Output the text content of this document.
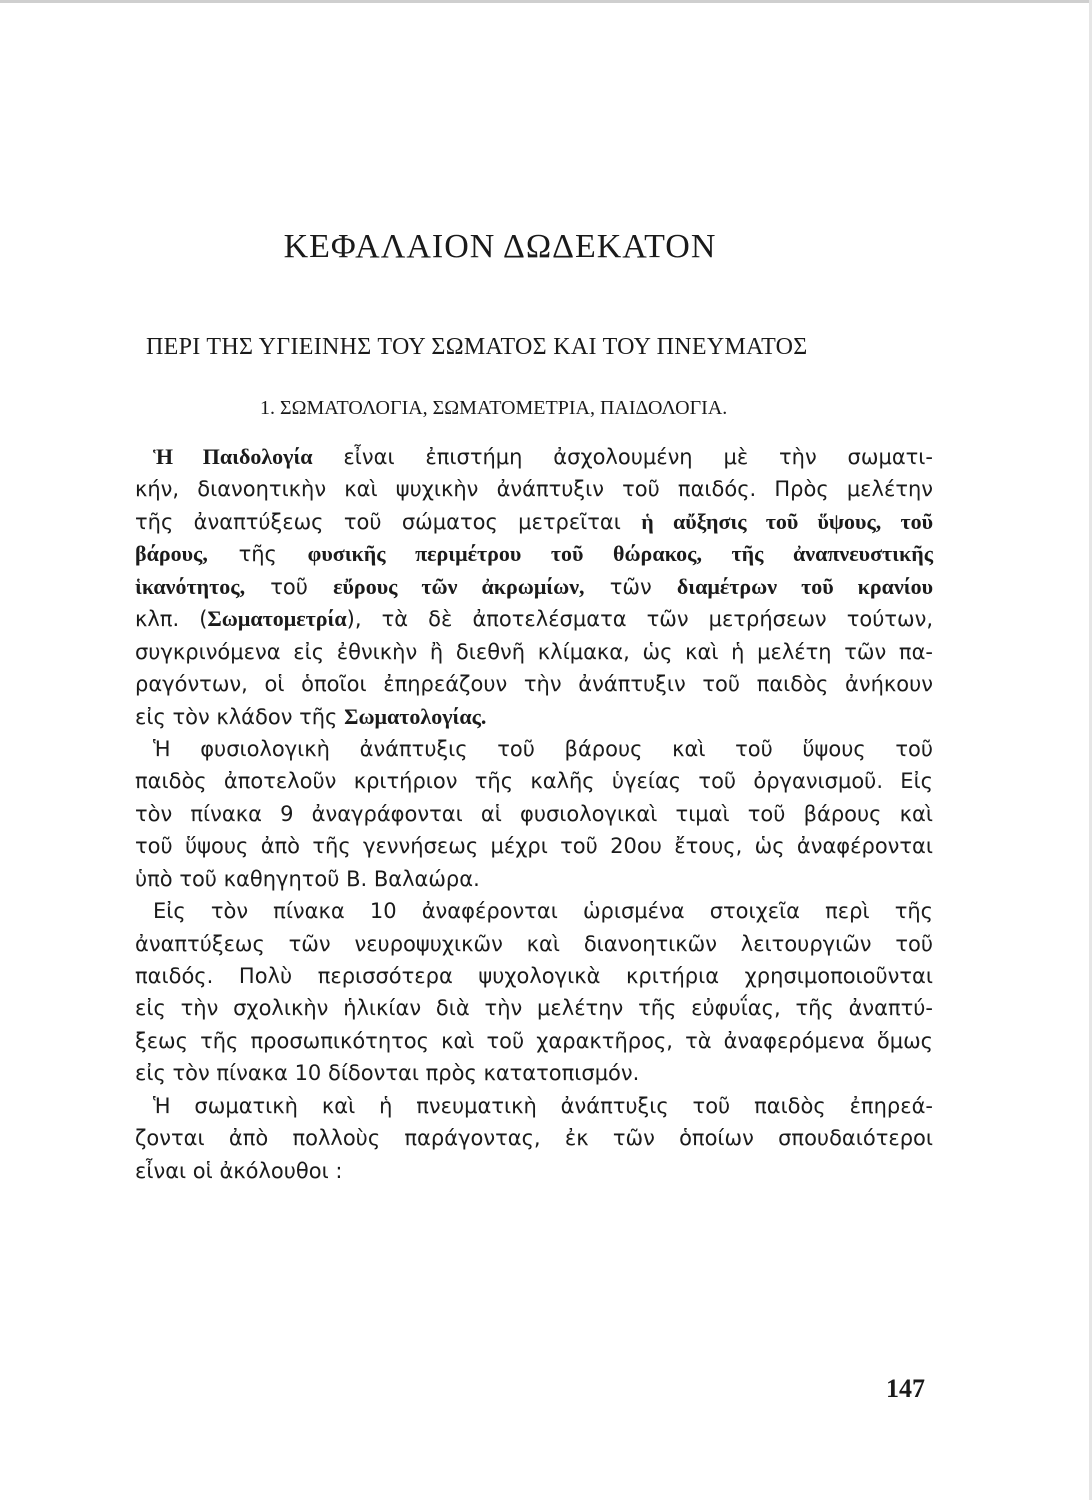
ΚΕΦΑΛΑΙΟΝ ΔΩΔΕΚΑΤΟΝ
ΠΕΡΙ ΤΗΣ ΥΓΙΕΙΝΗΣ ΤΟΥ ΣΩΜΑΤΟΣ ΚΑΙ ΤΟΥ ΠΝΕΥΜΑΤΟΣ
1. ΣΩΜΑΤΟΛΟΓΙΑ, ΣΩΜΑΤΟΜΕΤΡΙΑ, ΠΑΙΔΟΛΟΓΙΑ.
Ἡ Παιδολογία εἶναι ἐπιστήμη ἀσχολουμένη μὲ τὴν σωματι-
κήν, διανοητικὴν καὶ ψυχικὴν ἀνάπτυξιν τοῦ παιδός. Πρὸς μελέτην
τῆς ἀναπτύξεως τοῦ σώματος μετρεῖται ἡ αὔξησις τοῦ ὕψους, τοῦ
βάρους, τῆς φυσικῆς περιμέτρου τοῦ θώρακος, τῆς ἀναπνευστικῆς
ἱκανότητος, τοῦ εὔρους τῶν ἀκρωμίων, τῶν διαμέτρων τοῦ κρανίου
κλπ. (Σωματομετρία), τὰ δὲ ἀποτελέσματα τῶν μετρήσεων τούτων,
συγκρινόμενα εἰς ἐθνικὴν ἢ διεθνῆ κλίμακα, ὡς καὶ ἡ μελέτη τῶν πα-
ραγόντων, οἱ ὁποῖοι ἐπηρεάζουν τὴν ἀνάπτυξιν τοῦ παιδὸς ἀνήκουν
εἰς τὸν κλάδον τῆς Σωματολογίας.
Ἡ φυσιολογικὴ ἀνάπτυξις τοῦ βάρους καὶ τοῦ ὕψους τοῦ
παιδὸς ἀποτελοῦν κριτήριον τῆς καλῆς ὑγείας τοῦ ὀργανισμοῦ. Εἰς
τὸν πίνακα 9 ἀναγράφονται αἱ φυσιολογικαὶ τιμαὶ τοῦ βάρους καὶ
τοῦ ὕψους ἀπὸ τῆς γεννήσεως μέχρι τοῦ 20ου ἔτους, ὡς ἀναφέρονται
ὑπὸ τοῦ καθηγητοῦ Β. Βαλαώρα.
Εἰς τὸν πίνακα 10 ἀναφέρονται ὡρισμένα στοιχεῖα περὶ τῆς
ἀναπτύξεως τῶν νευροψυχικῶν καὶ διανοητικῶν λειτουργιῶν τοῦ
παιδός. Πολὺ περισσότερα ψυχολογικὰ κριτήρια χρησιμοποιοῦνται
εἰς τὴν σχολικὴν ἡλικίαν διὰ τὴν μελέτην τῆς εὐφυΐας, τῆς ἀναπτύ-
ξεως τῆς προσωπικότητος καὶ τοῦ χαρακτῆρος, τὰ ἀναφερόμενα ὅμως
εἰς τὸν πίνακα 10 δίδονται πρὸς κατατοπισμόν.
Ἡ σωματικὴ καὶ ἡ πνευματικὴ ἀνάπτυξις τοῦ παιδὸς ἐπηρεά-
ζονται ἀπὸ πολλοὺς παράγοντας, ἐκ τῶν ὁποίων σπουδαιότεροι
εἶναι οἱ ἀκόλουθοι :
147
